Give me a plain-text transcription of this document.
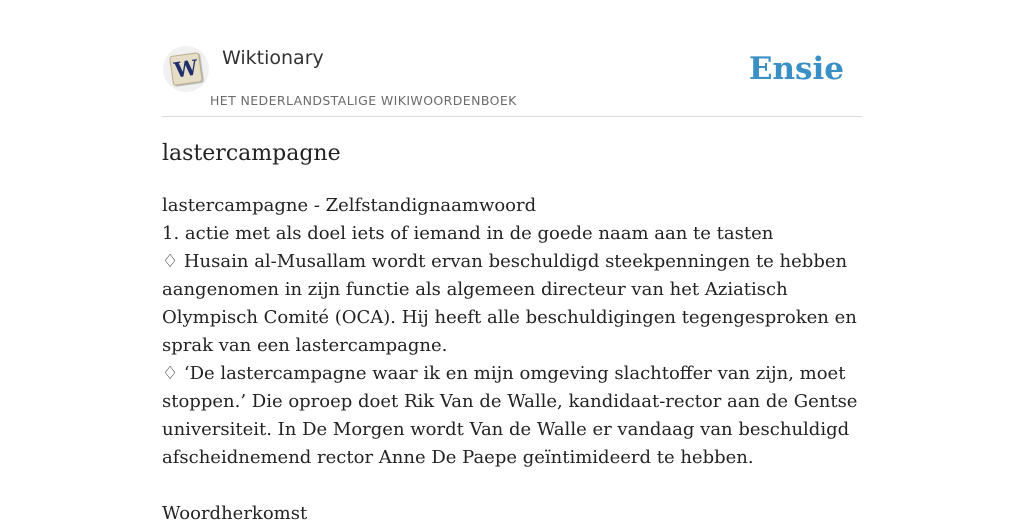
W Wiktionary
HET NEDERLANDSTALIGE WIKIWOORDENBOEK
Ensie
lastercampagne

lastercampagne - Zelfstandignaamwoord

1. actie met als doel iets of iemand in de goede naam aan te tasten

♢ Husain al-Musallam wordt ervan beschuldigd steekpenningen te hebben aangenomen in zijn functie als algemeen directeur van het Aziatisch Olympisch Comité (OCA). Hij heeft alle beschuldigingen tegengesproken en sprak van een lastercampagne.

♢ ‘De lastercampagne waar ik en mijn omgeving slachtoffer van zijn, moet stoppen.’ Die oproep doet Rik Van de Walle, kandidaat-rector aan de Gentse universiteit. In De Morgen wordt Van de Walle er vandaag van beschuldigd afscheidnemend rector Anne De Paepe geïntimideerd te hebben.

Woordherkomst
